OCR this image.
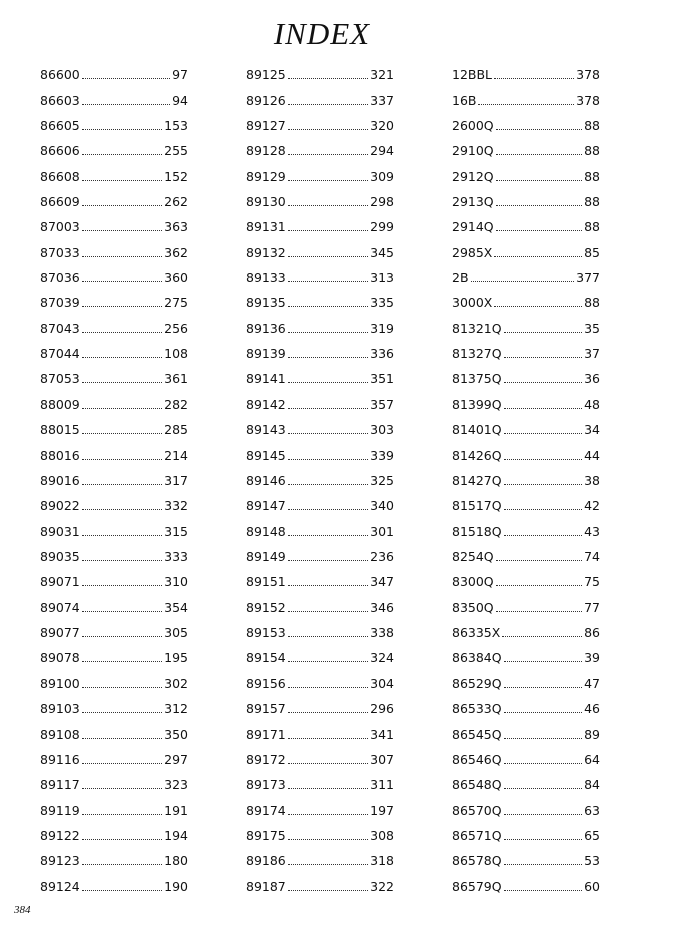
INDEX
86600	97
86603	94
86605	153
86606	255
86608	152
86609	262
87003	363
87033	362
87036	360
87039	275
87043	256
87044	108
87053	361
88009	282
88015	285
88016	214
89016	317
89022	332
89031	315
89035	333
89071	310
89074	354
89077	305
89078	195
89100	302
89103	312
89108	350
89116	297
89117	323
89119	191
89122	194
89123	180
89124	190
89125	321
89126	337
89127	320
89128	294
89129	309
89130	298
89131	299
89132	345
89133	313
89135	335
89136	319
89139	336
89141	351
89142	357
89143	303
89145	339
89146	325
89147	340
89148	301
89149	236
89151	347
89152	346
89153	338
89154	324
89156	304
89157	296
89171	341
89172	307
89173	311
89174	197
89175	308
89186	318
89187	322
12BBL	378
16B	378
2600Q	88
2910Q	88
2912Q	88
2913Q	88
2914Q	88
2985X	85
2B	377
3000X	88
81321Q	35
81327Q	37
81375Q	36
81399Q	48
81401Q	34
81426Q	44
81427Q	38
81517Q	42
81518Q	43
8254Q	74
8300Q	75
8350Q	77
86335X	86
86384Q	39
86529Q	47
86533Q	46
86545Q	89
86546Q	64
86548Q	84
86570Q	63
86571Q	65
86578Q	53
86579Q	60
384
